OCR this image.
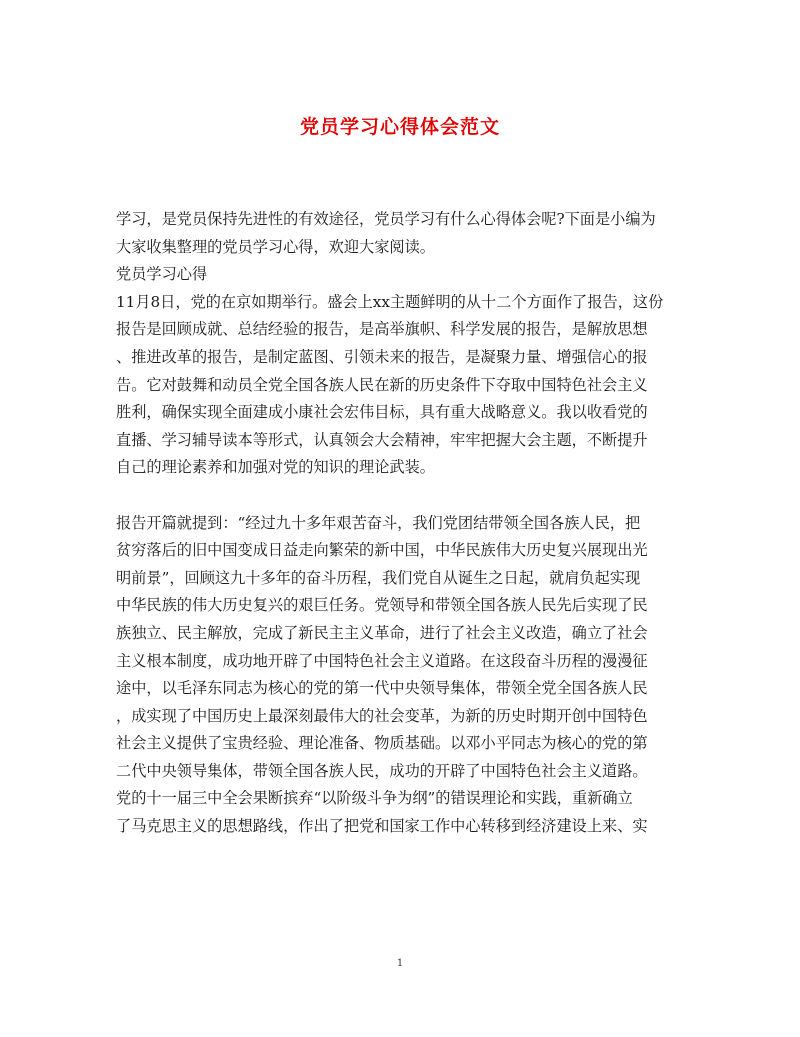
党员学习心得体会范文
学习，是党员保持先进性的有效途径，党员学习有什么心得体会呢?下面是小编为
大家收集整理的党员学习心得，欢迎大家阅读。
党员学习心得
11月8日，党的在京如期举行。盛会上xx主题鲜明的从十二个方面作了报告，这份
报告是回顾成就、总结经验的报告，是高举旗帜、科学发展的报告，是解放思想
、推进改革的报告，是制定蓝图、引领未来的报告，是凝聚力量、增强信心的报
告。它对鼓舞和动员全党全国各族人民在新的历史条件下夺取中国特色社会主义
胜利，确保实现全面建成小康社会宏伟目标，具有重大战略意义。我以收看党的
直播、学习辅导读本等形式，认真领会大会精神，牢牢把握大会主题，不断提升
自己的理论素养和加强对党的知识的理论武装。
报告开篇就提到：“经过九十多年艰苦奋斗，我们党团结带领全国各族人民，把
贫穷落后的旧中国变成日益走向繁荣的新中国，中华民族伟大历史复兴展现出光
明前景”，回顾这九十多年的奋斗历程，我们党自从诞生之日起，就肩负起实现
中华民族的伟大历史复兴的艰巨任务。党领导和带领全国各族人民先后实现了民
族独立、民主解放，完成了新民主主义革命，进行了社会主义改造，确立了社会
主义根本制度，成功地开辟了中国特色社会主义道路。在这段奋斗历程的漫漫征
途中，以毛泽东同志为核心的党的第一代中央领导集体，带领全党全国各族人民
，成实现了中国历史上最深刻最伟大的社会变革，为新的历史时期开创中国特色
社会主义提供了宝贵经验、理论准备、物质基础。以邓小平同志为核心的党的第
二代中央领导集体，带领全国各族人民，成功的开辟了中国特色社会主义道路。
党的十一届三中全会果断摈弃“以阶级斗争为纲”的错误理论和实践，重新确立
了马克思主义的思想路线，作出了把党和国家工作中心转移到经济建设上来、实
1
